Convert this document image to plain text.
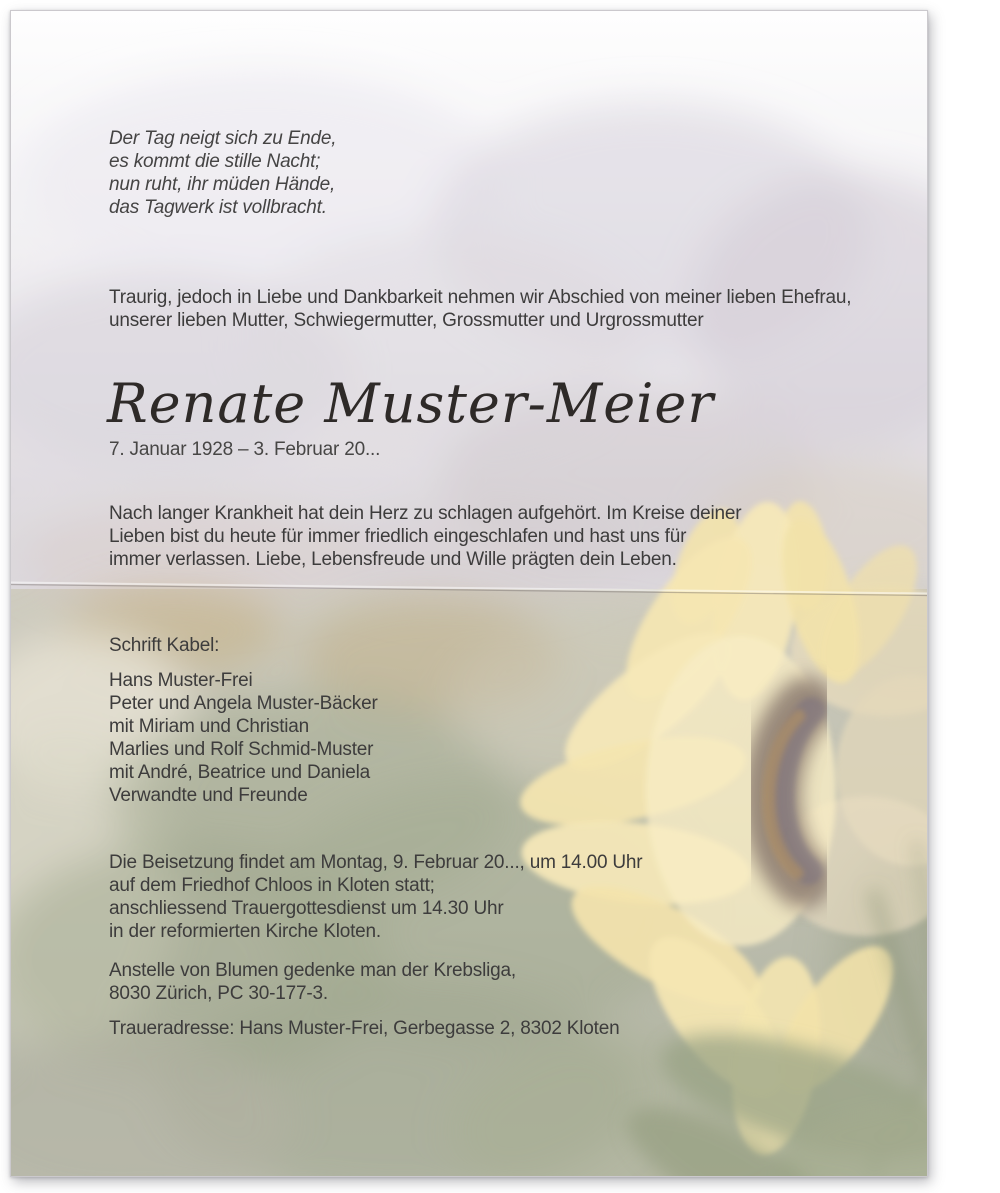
Der Tag neigt sich zu Ende,
es kommt die stille Nacht;
nun ruht, ihr müden Hände,
das Tagwerk ist vollbracht.
Traurig, jedoch in Liebe und Dankbarkeit nehmen wir Abschied von meiner lieben Ehefrau,
unserer lieben Mutter, Schwiegermutter, Grossmutter und Urgrossmutter
Renate Muster-Meier
7. Januar 1928 – 3. Februar 20...
Nach langer Krankheit hat dein Herz zu schlagen aufgehört. Im Kreise deiner
Lieben bist du heute für immer friedlich eingeschlafen und hast uns für
immer verlassen. Liebe, Lebensfreude und Wille prägten dein Leben.
Schrift Kabel:
Hans Muster-Frei
Peter und Angela Muster-Bäcker
mit Miriam und Christian
Marlies und Rolf Schmid-Muster
mit André, Beatrice und Daniela
Verwandte und Freunde
Die Beisetzung findet am Montag, 9. Februar 20..., um 14.00 Uhr
auf dem Friedhof Chloos in Kloten statt;
anschliessend Trauergottesdienst um 14.30 Uhr
in der reformierten Kirche Kloten.
Anstelle von Blumen gedenke man der Krebsliga,
8030 Zürich, PC 30-177-3.
Traueradresse: Hans Muster-Frei, Gerbegasse 2, 8302 Kloten
